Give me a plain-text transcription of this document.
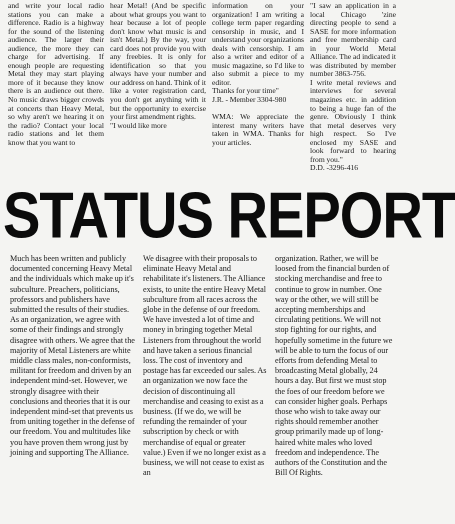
and write your local radio stations you can make a difference. Radio is a highway for the sound of the listening audience. The larger their audience, the more they can charge for advertising. If enough people are requesting Metal they may start playing more of it because they know there is an audience out there. No music draws bigger crowds at concerts than Heavy Metal, so why aren't we hearing it on the radio? Contact your local radio stations and let them know that you want to

hear Metal! (And be specific about what groups you want to hear because a lot of people don't know what music is and isn't Metal.) By the way, your card does not provide you with any freebies. It is only for identification so that you always have your number and our address on hand. Think of it like a voter registration card, you don't get anything with it but the opportunity to exercise your first amendment rights.
"I would like more

information on your organization! I am writing a college term paper regarding censorship in music, and I understand your organizations deals with censorship. I am also a writer and editor of a music magazine, so I'd like to also submit a piece to my editor.
Thanks for your time"
J.R. - Member 3304-980

WMA: We appreciate the interest many writers have taken in WMA. Thanks for your articles.

"I saw an application in a local Chicago 'zine directing people to send a SASE for more information and free membership card in your World Metal Alliance. The ad indicated it was distributed by member number 3863-756.
I write metal reviews and interviews for several magazines etc. in addition to being a huge fan of the genre. Obviously I think that metal deserves very high respect. So I've enclosed my SASE and look forward to hearing from you."
D.D. -3296-416

STATUS REPORT

Much has been written and publicly documented concerning Heavy Metal and the individuals which make up it's subculture. Preachers, politicians, professors and publishers have submitted the results of their studies. As an organization, we agree with some of their findings and strongly disagree with others. We agree that the majority of Metal Listeners are white middle class males, non-conformists, militant for freedom and driven by an independent mind-set. However, we strongly disagree with their conclusions and theories that it is our independent mind-set that prevents us from uniting together in the defense of our freedom. You and multitudes like you have proven them wrong just by joining and supporting The Alliance.

We disagree with their proposals to eliminate Heavy Metal and rehabilitate it's listeners. The Alliance exists, to unite the entire Heavy Metal subculture from all races across the globe in the defense of our freedom. We have invested a lot of time and money in bringing together Metal Listeners from throughout the world and have taken a serious financial loss. The cost of inventory and postage has far exceeded our sales. As an organization we now face the decision of discontinuing all merchandise and ceasing to exist as a business. (If we do, we will be refunding the remainder of your subscription by check or with merchandise of equal or greater value.) Even if we no longer exist as a business, we will not cease to exist as an

organization. Rather, we will be loosed from the financial burden of stocking merchandise and free to continue to grow in number. One way or the other, we will still be accepting memberships and circulating petitions. We will not stop fighting for our rights, and hopefully sometime in the future we will be able to turn the focus of our efforts from defending Metal to broadcasting Metal globally, 24 hours a day. But first we must stop the foes of our freedom before we can consider higher goals. Perhaps those who wish to take away our rights should remember another group primarily made up of long-haired white males who loved freedom and independence. The authors of the Constitution and the Bill Of Rights.
